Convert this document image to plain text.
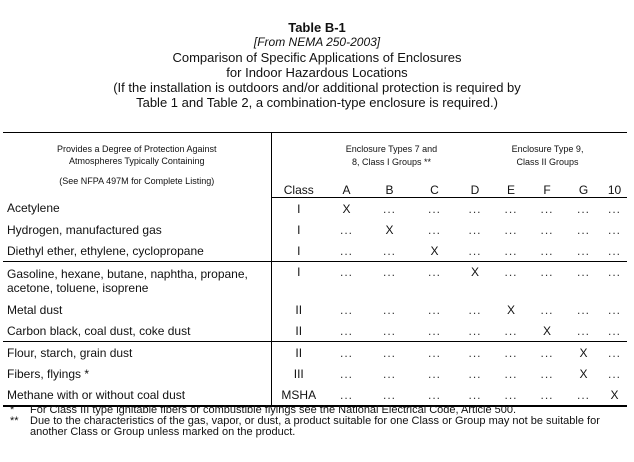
Table B-1
[From NEMA 250-2003]
Comparison of Specific Applications of Enclosures
for Indoor Hazardous Locations
(If the installation is outdoors and/or additional protection is required by
Table 1 and Table 2, a combination-type enclosure is required.)
Provides a Degree of Protection Against
Atmospheres Typically Containing
(See NFPA 497M for Complete Listing)		Enclosure Types 7 and
8, Class I Groups **				Enclosure Type 9,
Class II Groups			
	Class	A	B	C	D	E	F	G	10
Acetylene	I	X	...	...	...	...	...	...	...
Hydrogen, manufactured gas	I	...	X	...	...	...	...	...	...
Diethyl ether, ethylene, cyclopropane	I	...	...	X	...	...	...	...	...
Gasoline, hexane, butane, naphtha, propane,
acetone, toluene, isoprene	I	...	...	...	X	...	...	...	...
Metal dust	II	...	...	...	...	X	...	...	...
Carbon black, coal dust, coke dust	II	...	...	...	...	...	X	...	...
Flour, starch, grain dust	II	...	...	...	...	...	...	X	...
Fibers, flyings *	III	...	...	...	...	...	...	X	...
Methane with or without coal dust	MSHA	...	...	...	...	...	...	...	X
*	For Class III type ignitable fibers or combustible flyings see the National Electrical Code, Article 500.
**	Due to the characteristics of the gas, vapor, or dust, a product suitable for one Class or Group may not be suitable for another Class or Group unless marked on the product.
